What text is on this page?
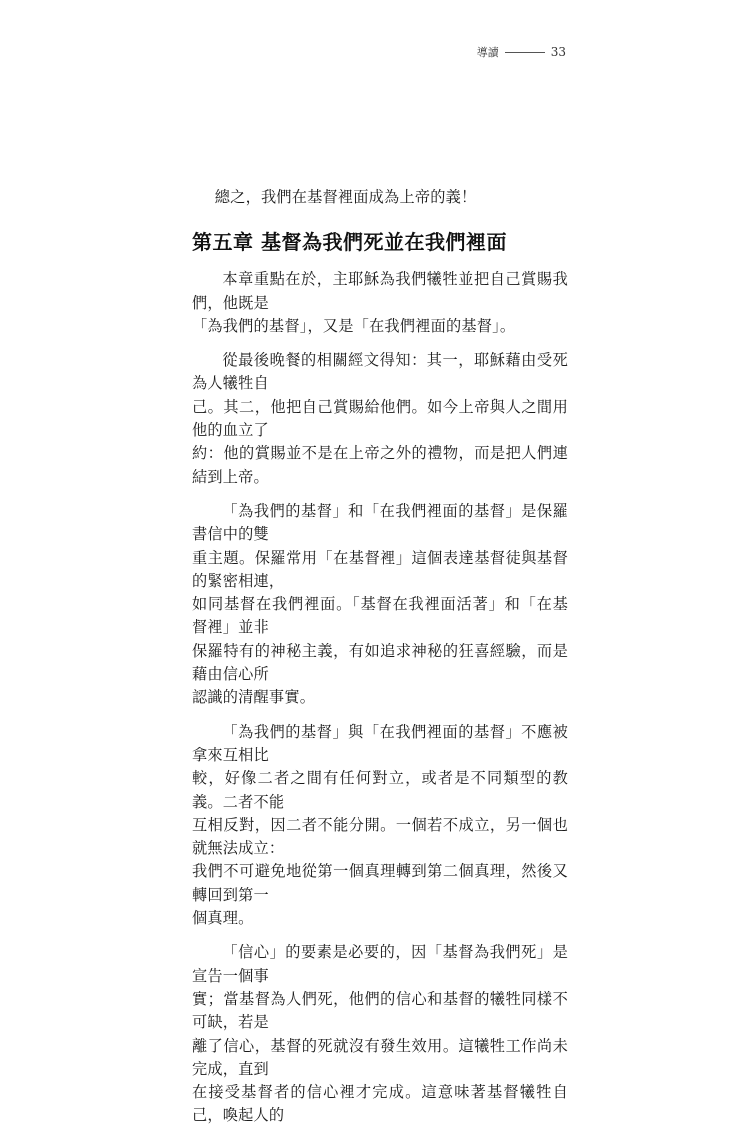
導讀	33

總之，我們在基督裡面成為上帝的義！

第五章 基督為我們死並在我們裡面

本章重點在於，主耶穌為我們犧牲並把自己賞賜我們，他既是
「為我們的基督」，又是「在我們裡面的基督」。

從最後晚餐的相關經文得知：其一，耶穌藉由受死為人犧牲自
己。其二，他把自己賞賜給他們。如今上帝與人之間用他的血立了
約：他的賞賜並不是在上帝之外的禮物，而是把人們連結到上帝。

「為我們的基督」和「在我們裡面的基督」是保羅書信中的雙
重主題。保羅常用「在基督裡」這個表達基督徒與基督的緊密相連，
如同基督在我們裡面。「基督在我裡面活著」和「在基督裡」並非
保羅特有的神秘主義，有如追求神秘的狂喜經驗，而是藉由信心所
認識的清醒事實。

「為我們的基督」與「在我們裡面的基督」不應被拿來互相比
較，好像二者之間有任何對立，或者是不同類型的教義。二者不能
互相反對，因二者不能分開。一個若不成立，另一個也就無法成立：
我們不可避免地從第一個真理轉到第二個真理，然後又轉回到第一
個真理。

「信心」的要素是必要的，因「基督為我們死」是宣告一個事
實；當基督為人們死，他們的信心和基督的犧牲同樣不可缺，若是
離了信心，基督的死就沒有發生效用。這犧牲工作尚未完成，直到
在接受基督者的信心裡才完成。這意味著基督犧牲自己，喚起人的
